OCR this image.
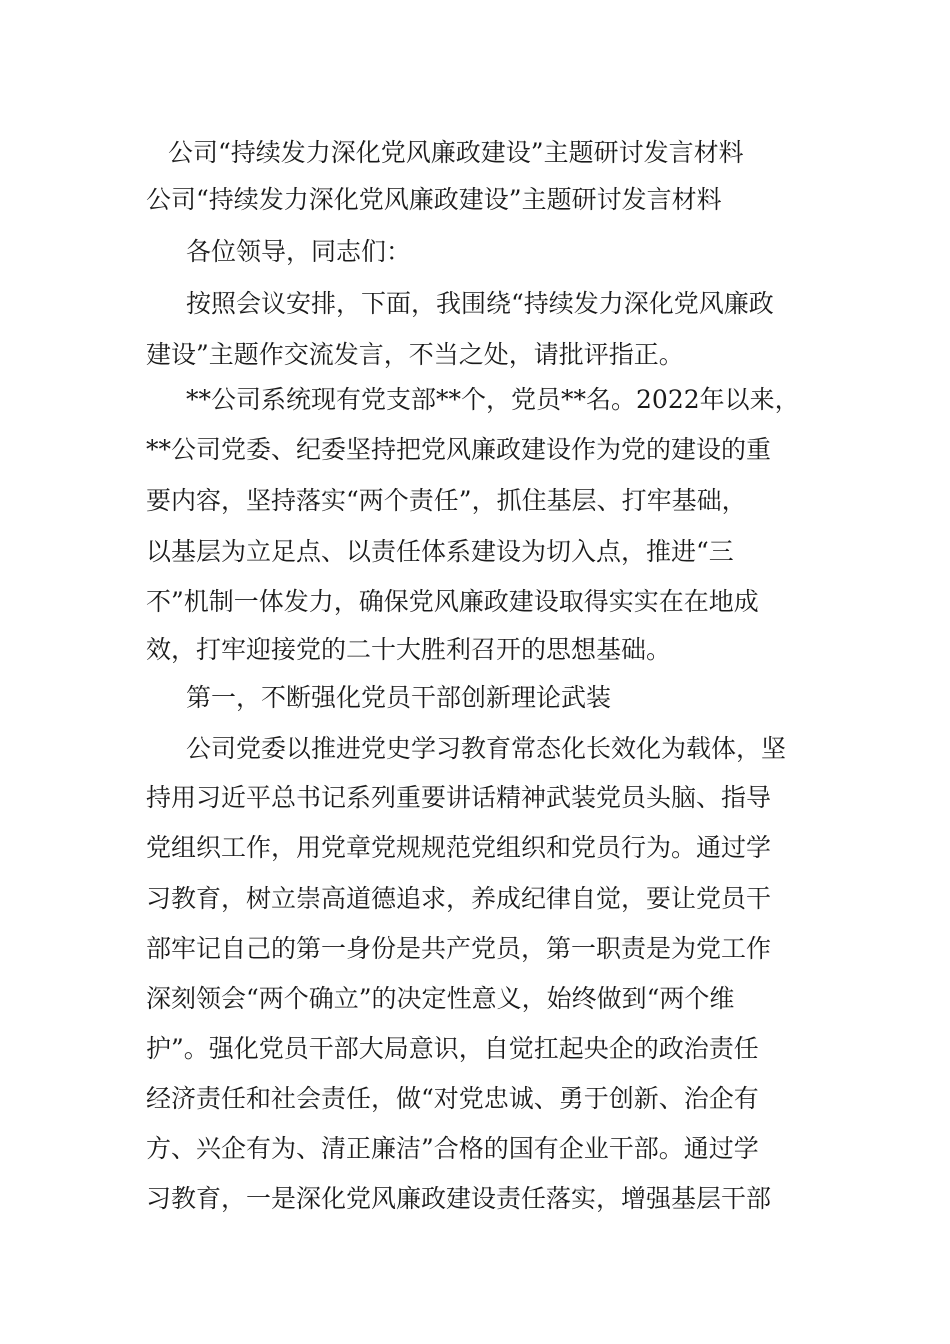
公司“持续发力深化党风廉政建设”主题研讨发言材料
公司“持续发力深化党风廉政建设”主题研讨发言材料
各位领导，同志们：
按照会议安排，下面，我围绕“持续发力深化党风廉政
建设”主题作交流发言，不当之处，请批评指正。
**公司系统现有党支部**个，党员**名。2022年以来，
**公司党委、纪委坚持把党风廉政建设作为党的建设的重
要内容，坚持落实“两个责任”，抓住基层、打牢基础，
以基层为立足点、以责任体系建设为切入点，推进“三
不”机制一体发力，确保党风廉政建设取得实实在在地成
效，打牢迎接党的二十大胜利召开的思想基础。
第一，不断强化党员干部创新理论武装
公司党委以推进党史学习教育常态化长效化为载体，坚
持用习近平总书记系列重要讲话精神武装党员头脑、指导
党组织工作，用党章党规规范党组织和党员行为。通过学
习教育，树立崇高道德追求，养成纪律自觉，要让党员干
部牢记自己的第一身份是共产党员，第一职责是为党工作
深刻领会“两个确立”的决定性意义，始终做到“两个维
护”。强化党员干部大局意识，自觉扛起央企的政治责任
经济责任和社会责任，做“对党忠诚、勇于创新、治企有
方、兴企有为、清正廉洁”合格的国有企业干部。通过学
习教育，一是深化党风廉政建设责任落实，增强基层干部
